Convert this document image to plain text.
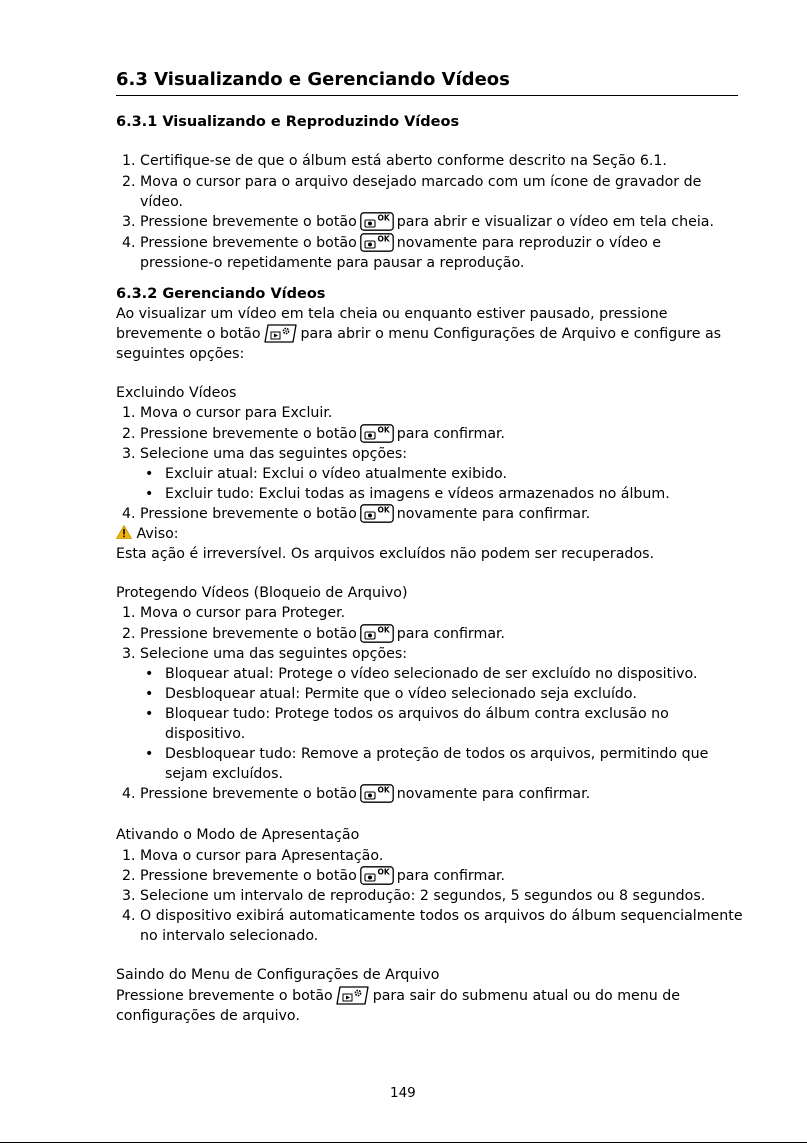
6.3 Visualizando e Gerenciando Vídeos
6.3.1 Visualizando e Reproduzindo Vídeos
1. Certifique-se de que o álbum está aberto conforme descrito na Seção 6.1.
2. Mova o cursor para o arquivo desejado marcado com um ícone de gravador de
vídeo.
3. Pressione brevemente o botão	OK para abrir e visualizar o vídeo em tela cheia.
4. Pressione brevemente o botão	OK novamente para reproduzir o vídeo e
pressione-o repetidamente para pausar a reprodução.
6.3.2 Gerenciando Vídeos
Ao visualizar um vídeo em tela cheia ou enquanto estiver pausado, pressione
brevemente o botão	para abrir o menu Configurações de Arquivo e configure as
seguintes opções:
Excluindo Vídeos
1. Mova o cursor para Excluir.
2. Pressione brevemente o botão	OK para confirmar.
3. Selecione uma das seguintes opções:
• Excluir atual: Exclui o vídeo atualmente exibido.
• Excluir tudo: Exclui todas as imagens e vídeos armazenados no álbum.
4. Pressione brevemente o botão	OK novamente para confirmar.
Aviso:
Esta ação é irreversível. Os arquivos excluídos não podem ser recuperados.
Protegendo Vídeos (Bloqueio de Arquivo)
1. Mova o cursor para Proteger.
2. Pressione brevemente o botão	OK para confirmar.
3. Selecione uma das seguintes opções:
• Bloquear atual: Protege o vídeo selecionado de ser excluído no dispositivo.
• Desbloquear atual: Permite que o vídeo selecionado seja excluído.
• Bloquear tudo: Protege todos os arquivos do álbum contra exclusão no
dispositivo.
• Desbloquear tudo: Remove a proteção de todos os arquivos, permitindo que
sejam excluídos.
4. Pressione brevemente o botão	OK novamente para confirmar.
Ativando o Modo de Apresentação
1. Mova o cursor para Apresentação.
2. Pressione brevemente o botão	OK para confirmar.
3. Selecione um intervalo de reprodução: 2 segundos, 5 segundos ou 8 segundos.
4. O dispositivo exibirá automaticamente todos os arquivos do álbum sequencialmente
no intervalo selecionado.
Saindo do Menu de Configurações de Arquivo
Pressione brevemente o botão	para sair do submenu atual ou do menu de
configurações de arquivo.
149
